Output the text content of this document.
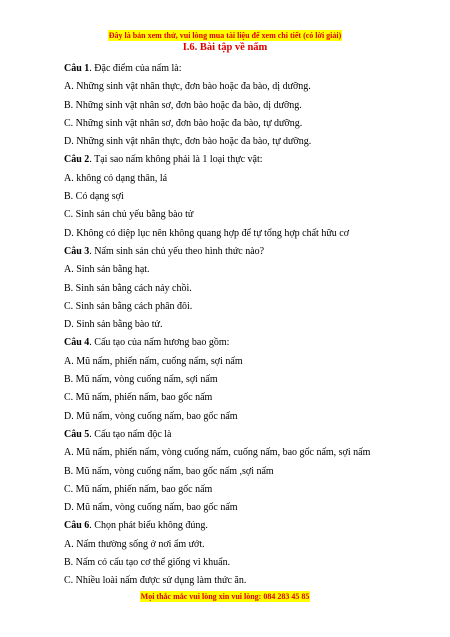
Đây là bản xem thử, vui lòng mua tài liệu để xem chi tiết (có lời giải)
I.6. Bài tập về nấm
Câu 1. Đặc điểm của nấm là:
A. Những sinh vật nhân thực, đơn bào hoặc đa bào, dị dưỡng.
B. Những sinh vật nhân sơ, đơn bào hoặc đa bào, dị dưỡng.
C. Những sinh vật nhân sơ, đơn bào hoặc đa bào, tự dưỡng.
D. Những sinh vật nhân thực, đơn bào hoặc đa bào, tự dưỡng.
Câu 2. Tại sao nấm không phải là 1 loại thực vật:
A. không có dạng thân, lá
B. Có dạng sợi
C. Sinh sản chủ yếu bằng bào tử
D. Không có diệp lục nên không quang hợp để tự tổng hợp chất hữu cơ
Câu 3. Nấm sinh sản chủ yếu theo hình thức nào?
A. Sinh sản bằng hạt.
B. Sinh sản bằng cách nảy chồi.
C. Sinh sản bằng cách phân đôi.
D. Sinh sản bằng bào tử.
Câu 4. Cấu tạo của nấm hương bao gồm:
A. Mũ nấm, phiến nấm, cuống nấm, sợi nấm
B. Mũ nấm, vòng cuống nấm, sợi nấm
C. Mũ nấm, phiến nấm, bao gốc nấm
D. Mũ nấm, vòng cuống nấm, bao gốc nấm
Câu 5. Cấu tạo nấm độc là
A. Mũ nấm, phiến nấm, vòng cuống nấm, cuống nấm, bao gốc nấm, sợi nấm
B. Mũ nấm, vòng cuống nấm, bao gốc nấm ,sợi nấm
C. Mũ nấm, phiến nấm, bao gốc nấm
D. Mũ nấm, vòng cuống nấm, bao gốc nấm
Câu 6. Chọn phát biểu không đúng.
A. Nấm thường sống ở nơi ẩm ướt.
B. Nấm có cấu tạo cơ thể giống vi khuẩn.
C. Nhiều loài nấm được sử dụng làm thức ăn.
Mọi thắc mắc vui lòng xin vui lòng: 084 283 45 85
